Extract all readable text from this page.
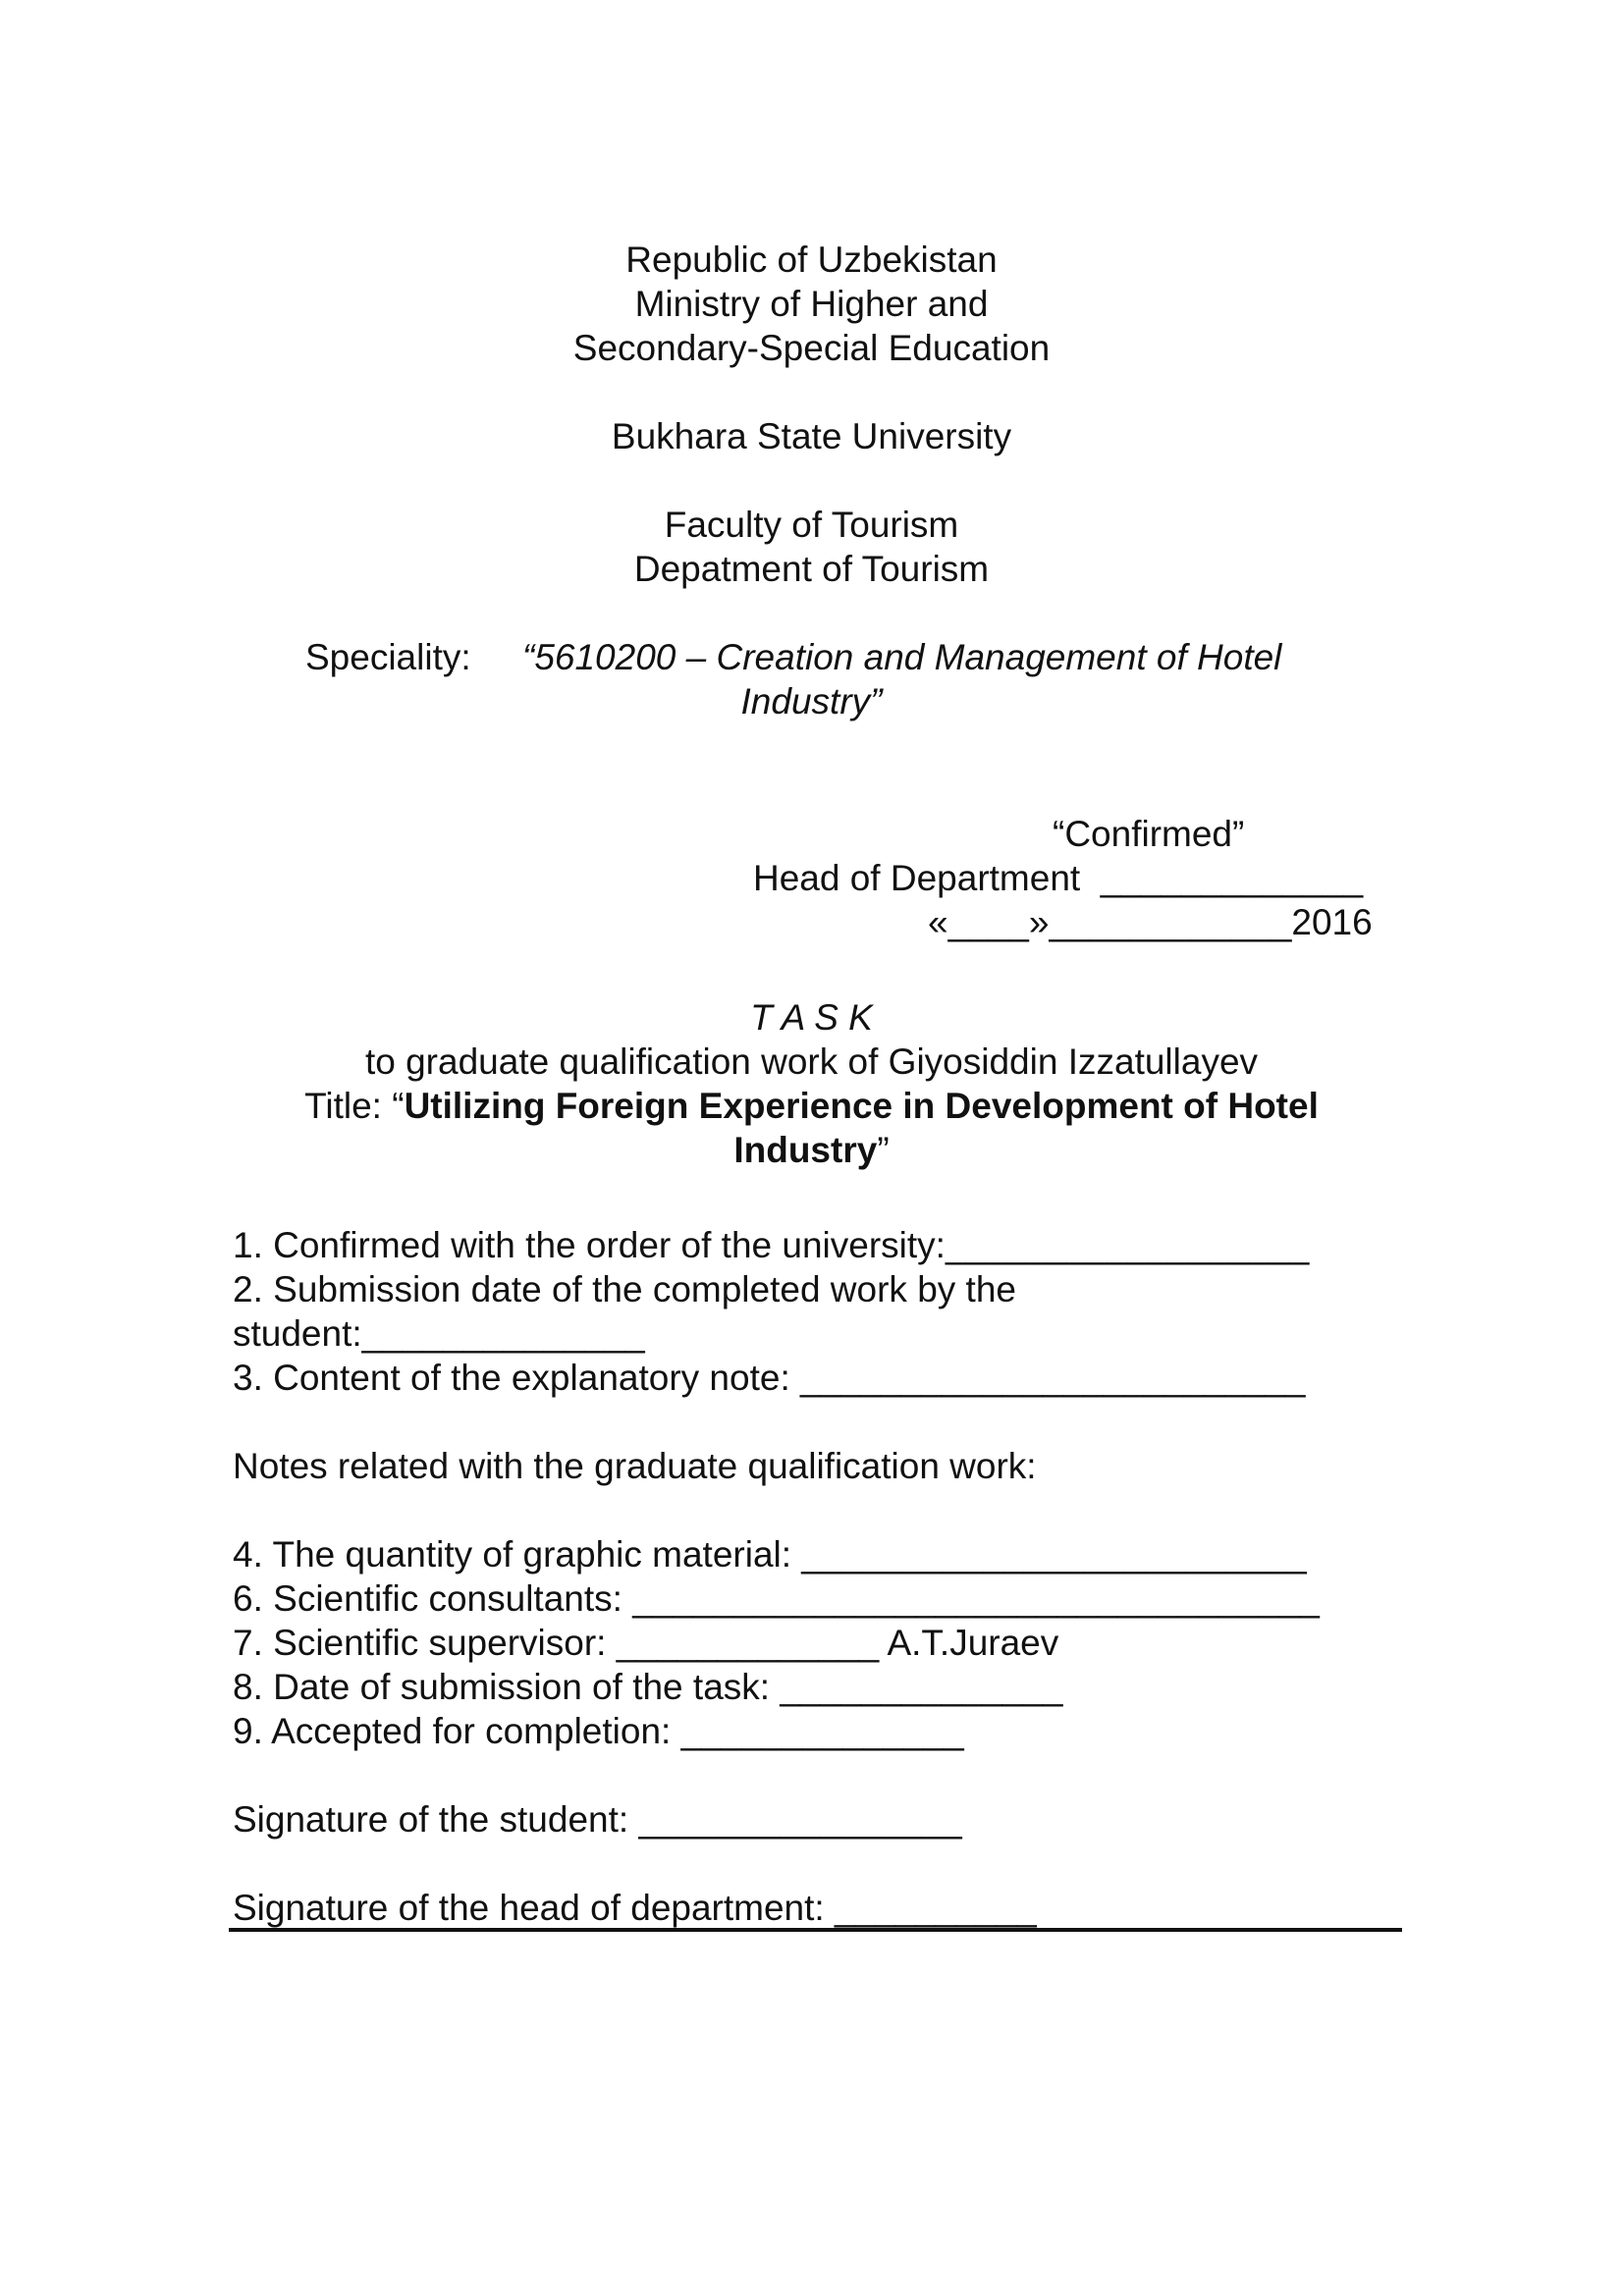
Republic of Uzbekistan
Ministry of Higher and
Secondary-Special Education
Bukhara State University
Faculty of Tourism
Depatment of Tourism
Speciality: “5610200 – Creation and Management of Hotel
Industry”
“Confirmed”
Head of Department  _____________
«____»____________2016
T A S K
to graduate qualification work of Giyosiddin Izzatullayev
Title: “Utilizing Foreign Experience in Development of Hotel
Industry”
1. Confirmed with the order of the university:__________________
2. Submission date of the completed work by the
student:______________
3. Content of the explanatory note: _________________________
Notes related with the graduate qualification work:
4. The quantity of graphic material: _________________________
6. Scientific consultants: __________________________________
7. Scientific supervisor: _____________ A.T.Juraev
8. Date of submission of the task: ______________
9. Accepted for completion: ______________
Signature of the student: ________________
Signature of the head of department: __________
